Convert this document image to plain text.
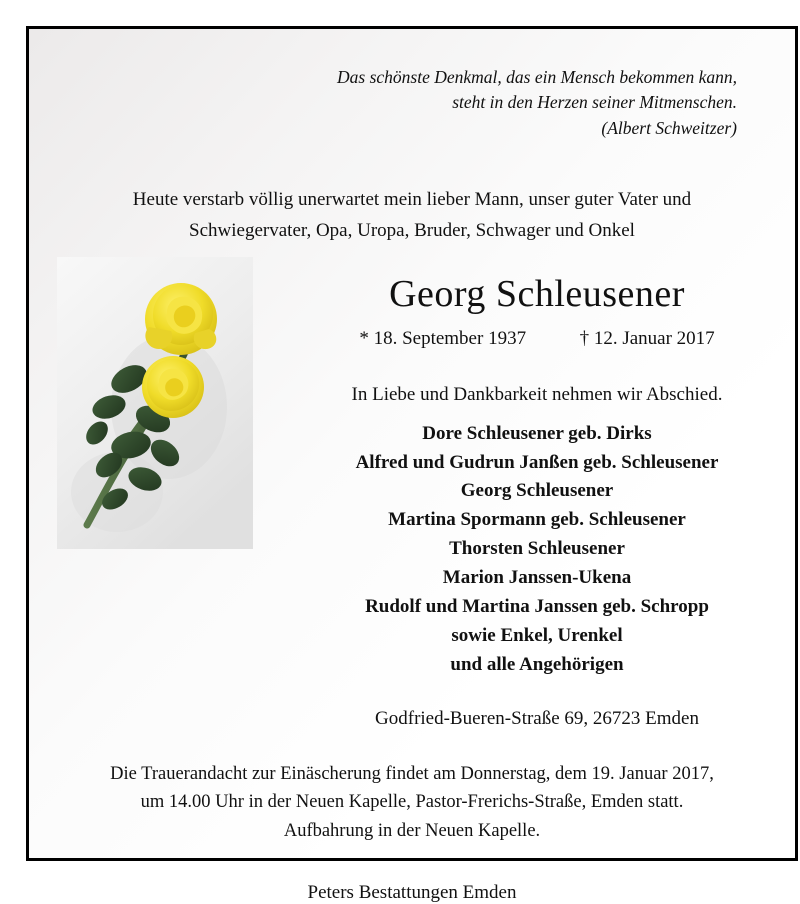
Das schönste Denkmal, das ein Mensch bekommen kann,
steht in den Herzen seiner Mitmenschen.
(Albert Schweitzer)
Heute verstarb völlig unerwartet mein lieber Mann, unser guter Vater und
Schwiegervater, Opa, Uropa, Bruder, Schwager und Onkel
Georg Schleusener
* 18. September 1937	† 12. Januar 2017
In Liebe und Dankbarkeit nehmen wir Abschied.
Dore Schleusener geb. Dirks
Alfred und Gudrun Janßen geb. Schleusener
Georg Schleusener
Martina Spormann geb. Schleusener
Thorsten Schleusener
Marion Janssen-Ukena
Rudolf und Martina Janssen geb. Schropp
sowie Enkel, Urenkel
und alle Angehörigen
Godfried-Bueren-Straße 69, 26723 Emden
Die Trauerandacht zur Einäscherung findet am Donnerstag, dem 19. Januar 2017,
um 14.00 Uhr in der Neuen Kapelle, Pastor-Frerichs-Straße, Emden statt.
Aufbahrung in der Neuen Kapelle.
Peters Bestattungen Emden
